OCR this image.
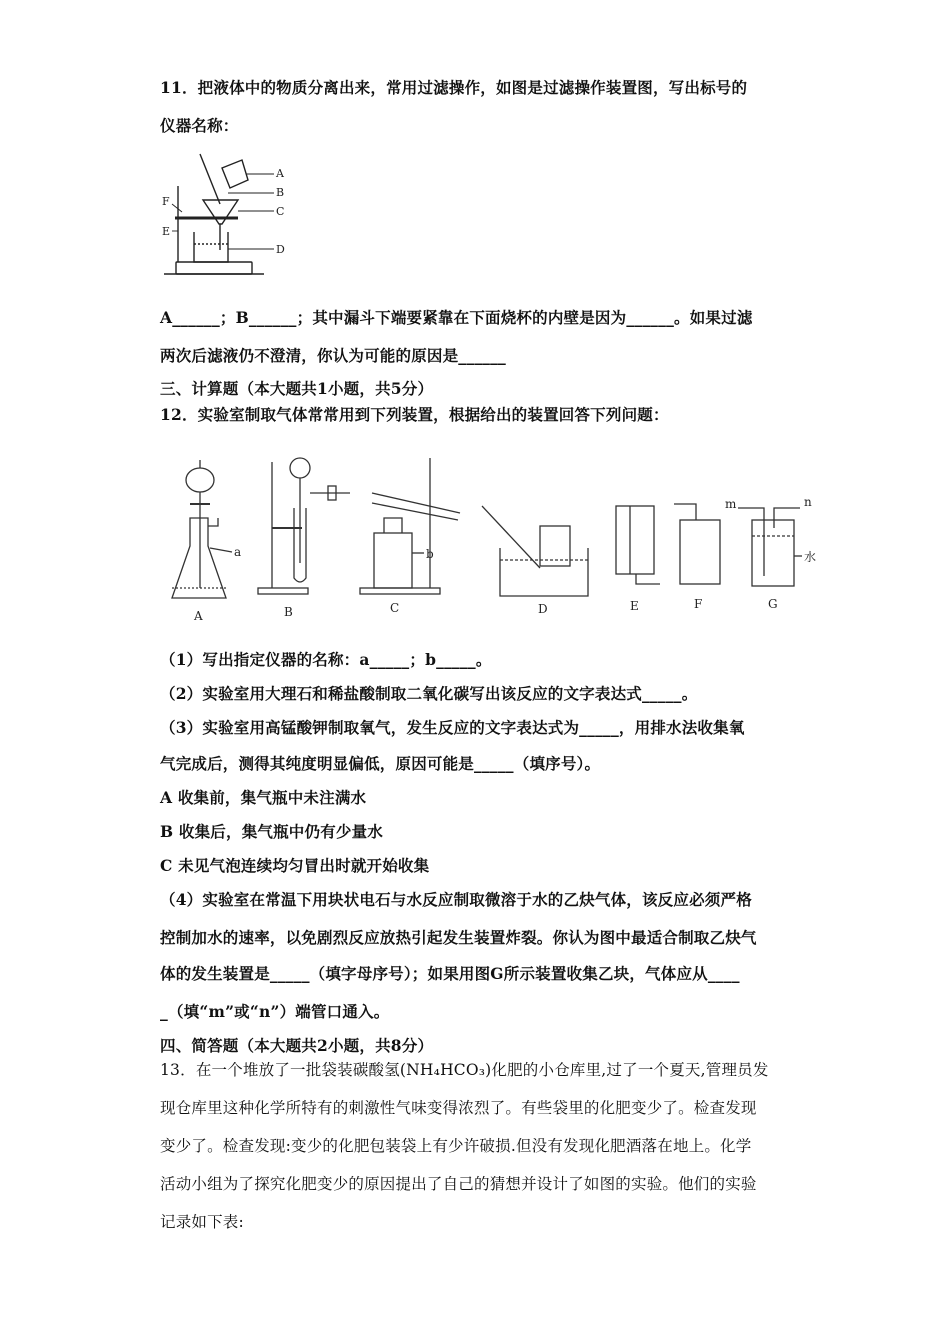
11．把液体中的物质分离出来，常用过滤操作，如图是过滤操作装置图，写出标号的
仪器名称：
A
B
C
D
E
F
A______；B______；其中漏斗下端要紧靠在下面烧杯的内壁是因为______。如果过滤
两次后滤液仍不澄清，你认为可能的原因是______
三、计算题（本大题共1小题，共5分）
12．实验室制取气体常常用到下列装置，根据给出的装置回答下列问题：
A	B	C	D	E	F	G
a	b
m	n
水
（1）写出指定仪器的名称：a_____；b_____。
（2）实验室用大理石和稀盐酸制取二氧化碳写出该反应的文字表达式_____。
（3）实验室用高锰酸钾制取氧气，发生反应的文字表达式为_____，用排水法收集氧
气完成后，测得其纯度明显偏低，原因可能是_____（填序号）。
A 收集前，集气瓶中未注满水
B 收集后，集气瓶中仍有少量水
C 未见气泡连续均匀冒出时就开始收集
（4）实验室在常温下用块状电石与水反应制取微溶于水的乙炔气体，该反应必须严格
控制加水的速率，以免剧烈反应放热引起发生装置炸裂。你认为图中最适合制取乙炔气
体的发生装置是_____（填字母序号）；如果用图G所示装置收集乙块，气体应从____
_（填“m”或“n”）端管口通入。
四、简答题（本大题共2小题，共8分）
13．在一个堆放了一批袋装碳酸氢(NH₄HCO₃)化肥的小仓库里,过了一个夏天,管理员发
现仓库里这种化学所特有的刺激性气味变得浓烈了。有些袋里的化肥变少了。检查发现
变少了。检查发现:变少的化肥包装袋上有少许破损.但没有发现化肥酒落在地上。化学
活动小组为了探究化肥变少的原因提出了自己的猜想并设计了如图的实验。他们的实验
记录如下表:
